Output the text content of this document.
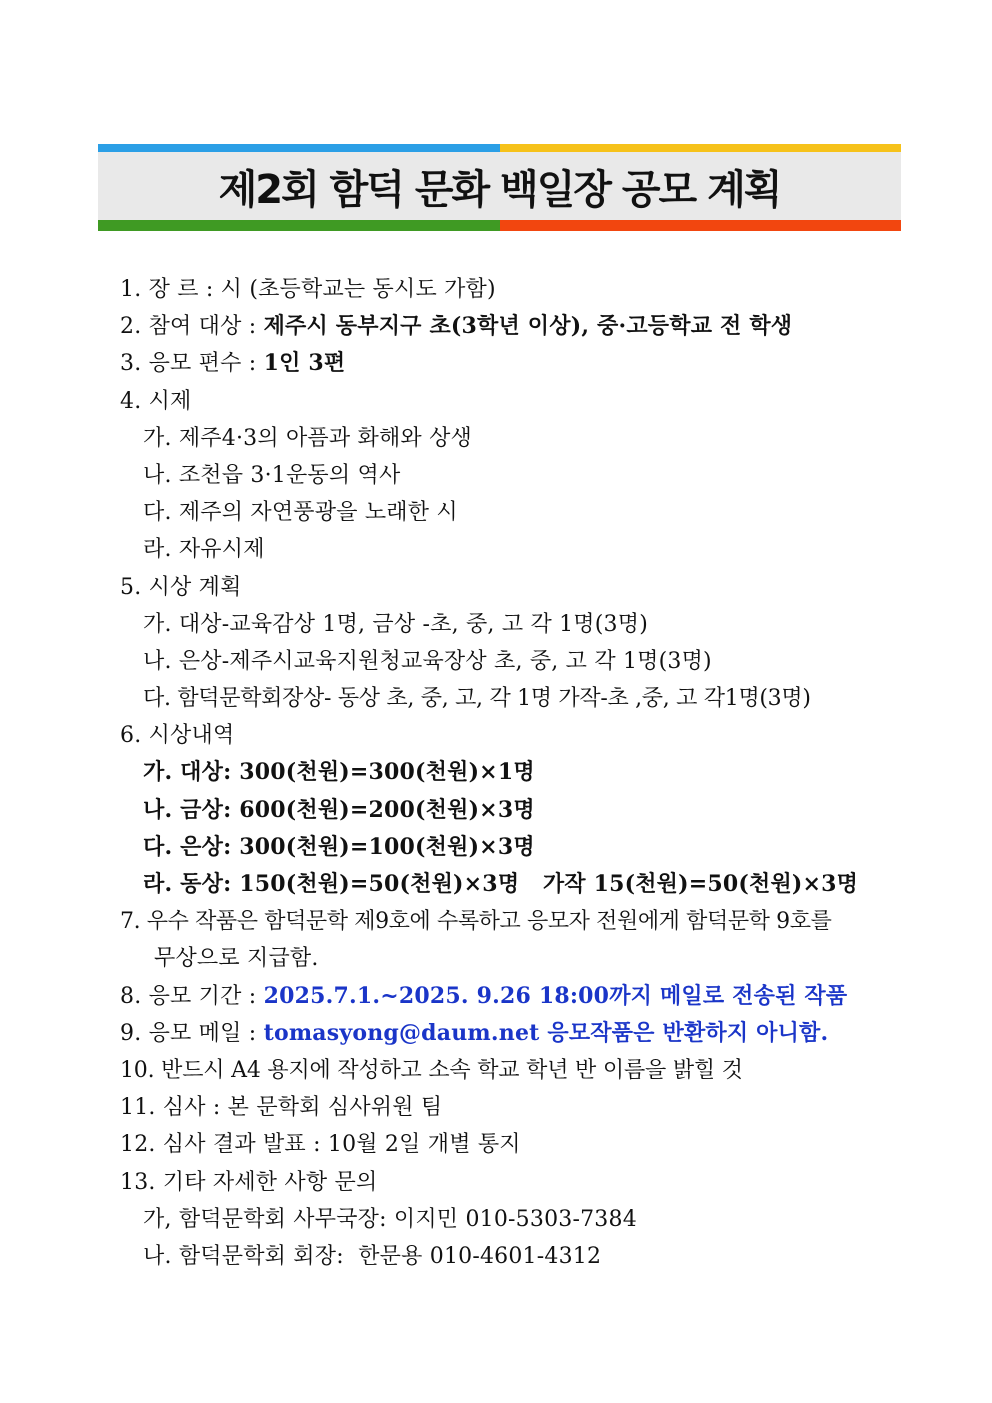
제2회 함덕 문화 백일장 공모 계획
1. 장 르 : 시 (초등학교는 동시도 가함)
2. 참여 대상 : 제주시 동부지구 초(3학년 이상), 중·고등학교 전 학생
3. 응모 편수 : 1인 3편
4. 시제
가. 제주4·3의 아픔과 화해와 상생
나. 조천읍 3·1운동의 역사
다. 제주의 자연풍광을 노래한 시
라. 자유시제
5. 시상 계획
가. 대상-교육감상 1명, 금상 -초, 중, 고 각 1명(3명)
나. 은상-제주시교육지원청교육장상 초, 중, 고 각 1명(3명)
다. 함덕문학회장상- 동상 초, 중, 고, 각 1명 가작-초 ,중, 고 각1명(3명)
6. 시상내역
가. 대상: 300(천원)=300(천원)×1명
나. 금상: 600(천원)=200(천원)×3명
다. 은상: 300(천원)=100(천원)×3명
라. 동상: 150(천원)=50(천원)×3명   가작 15(천원)=50(천원)×3명
7. 우수 작품은 함덕문학 제9호에 수록하고 응모자 전원에게 함덕문학 9호를
무상으로 지급함.
8. 응모 기간 : 2025.7.1.~2025. 9.26 18:00까지 메일로 전송된 작품
9. 응모 메일 : tomasyong@daum.net 응모작품은 반환하지 아니함.
10. 반드시 A4 용지에 작성하고 소속 학교 학년 반 이름을 밝힐 것
11. 심사 : 본 문학회 심사위원 팀
12. 심사 결과 발표 : 10월 2일 개별 통지
13. 기타 자세한 사항 문의
가, 함덕문학회 사무국장: 이지민 010-5303-7384
나. 함덕문학회 회장:  한문용 010-4601-4312
